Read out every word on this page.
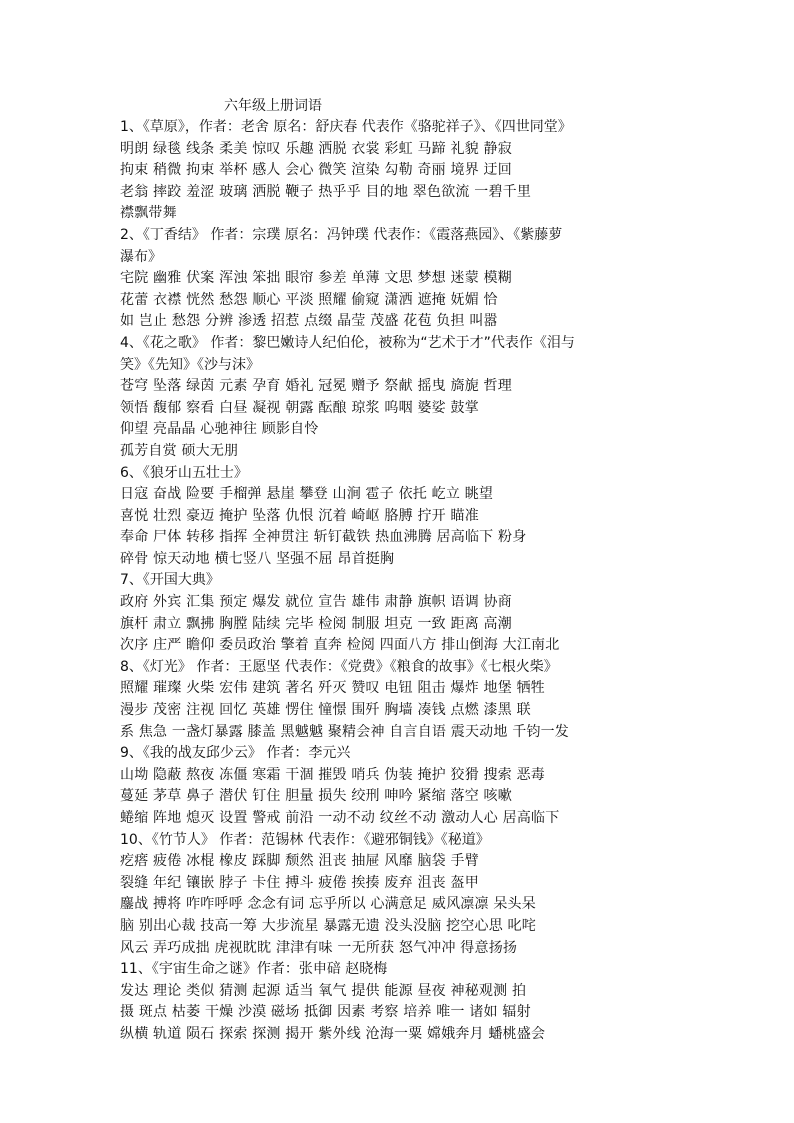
六年级上册词语
1、《草原》，作者：老舍 原名：舒庆春 代表作《骆驼祥子》、《四世同堂》
明朗 绿毯 线条 柔美 惊叹 乐趣 洒脱 衣裳 彩虹 马蹄 礼貌 静寂
拘束 稍微 拘束 举杯 感人 会心 微笑 渲染 勾勒 奇丽 境界 迂回
老翁 摔跤 羞涩 玻璃 洒脱 鞭子 热乎乎 目的地 翠色欲流 一碧千里
襟飘带舞
2、《丁香结》 作者：宗璞 原名：冯钟璞 代表作：《霞落燕园》、《紫藤萝
瀑布》
宅院 幽雅 伏案 浑浊 笨拙 眼帘 参差 单薄 文思 梦想 迷蒙 模糊
花蕾 衣襟 恍然 愁怨 顺心 平淡 照耀 偷窥 潇洒 遮掩 妩媚 恰
如 岂止 愁怨 分辨 渗透 招惹 点缀 晶莹 茂盛 花苞 负担 叫嚣
4、《花之歌》 作者：黎巴嫩诗人纪伯伦，被称为“艺术于才”代表作《泪与
笑》《先知》《沙与沫》
苍穹 坠落 绿茵 元素 孕育 婚礼 冠冕 赠予 祭献 摇曳 旖旎 哲理
领悟 馥郁 察看 白昼 凝视 朝露 酝酿 琼浆 呜咽 婆娑 鼓掌
仰望 亮晶晶 心驰神往 顾影自怜
孤芳自赏 硕大无朋
6、《狼牙山五壮士》
日寇 奋战 险要 手榴弹 悬崖 攀登 山涧 雹子 依托 屹立 眺望
喜悦 壮烈 豪迈 掩护 坠落 仇恨 沉着 崎岖 胳膊 拧开 瞄准
奉命 尸体 转移 指挥 全神贯注 斩钉截铁 热血沸腾 居高临下 粉身
碎骨 惊天动地 横七竖八 坚强不屈 昂首挺胸
7、《开国大典》
政府 外宾 汇集 预定 爆发 就位 宣告 雄伟 肃静 旗帜 语调 协商
旗杆 肃立 飘拂 胸膛 陆续 完毕 检阅 制服 坦克 一致 距离 高潮
次序 庄严 瞻仰 委员政治 擎着 直奔 检阅 四面八方 排山倒海 大江南北
8、《灯光》 作者：王愿坚 代表作：《党费》《粮食的故事》《七根火柴》
照耀 璀璨 火柴 宏伟 建筑 著名 歼灭 赞叹 电钮 阻击 爆炸 地堡 牺牲
漫步 茂密 注视 回忆 英雄 愣住 憧憬 围歼 胸墙 凑钱 点燃 漆黑 联
系 焦急 一盏灯暴露 膝盖 黑魆魆 聚精会神 自言自语 震天动地 千钧一发
9、《我的战友邱少云》 作者：李元兴
山坳 隐蔽 熬夜 冻僵 寒霜 干涸 摧毁 哨兵 伪装 掩护 狡猾 搜索 恶毒
蔓延 茅草 鼻子 潜伏 钉住 胆量 损失 绞刑 呻吟 紧缩 落空 咳嗽
蜷缩 阵地 熄灭 设置 警戒 前沿 一动不动 纹丝不动 激动人心 居高临下
10、《竹节人》 作者：范锡林 代表作：《避邪铜钱》《秘道》
疙瘩 疲倦 冰棍 橡皮 踩脚 颓然 沮丧 抽屉 风靡 脑袋 手臂
裂缝 年纪 镶嵌 脖子 卡住 搏斗 疲倦 挨揍 废弃 沮丧 盔甲
鏖战 搏将 咋咋呼呼 念念有词 忘乎所以 心满意足 威风凛凛 呆头呆
脑 别出心裁 技高一筹 大步流星 暴露无遗 没头没脑 挖空心思 叱咤
风云 弄巧成拙 虎视眈眈 津津有味 一无所获 怒气冲冲 得意扬扬
11、《宇宙生命之谜》作者：张申碚 赵晓梅
发达 理论 类似 猜测 起源 适当 氧气 提供 能源 昼夜 神秘观测 拍
摄 斑点 枯萎 干燥 沙漠 磁场 抵御 因素 考察 培养 唯一 诸如 辐射
纵横 轨道 陨石 探索 探测 揭开 紫外线 沧海一粟 嫦娥奔月 蟠桃盛会
